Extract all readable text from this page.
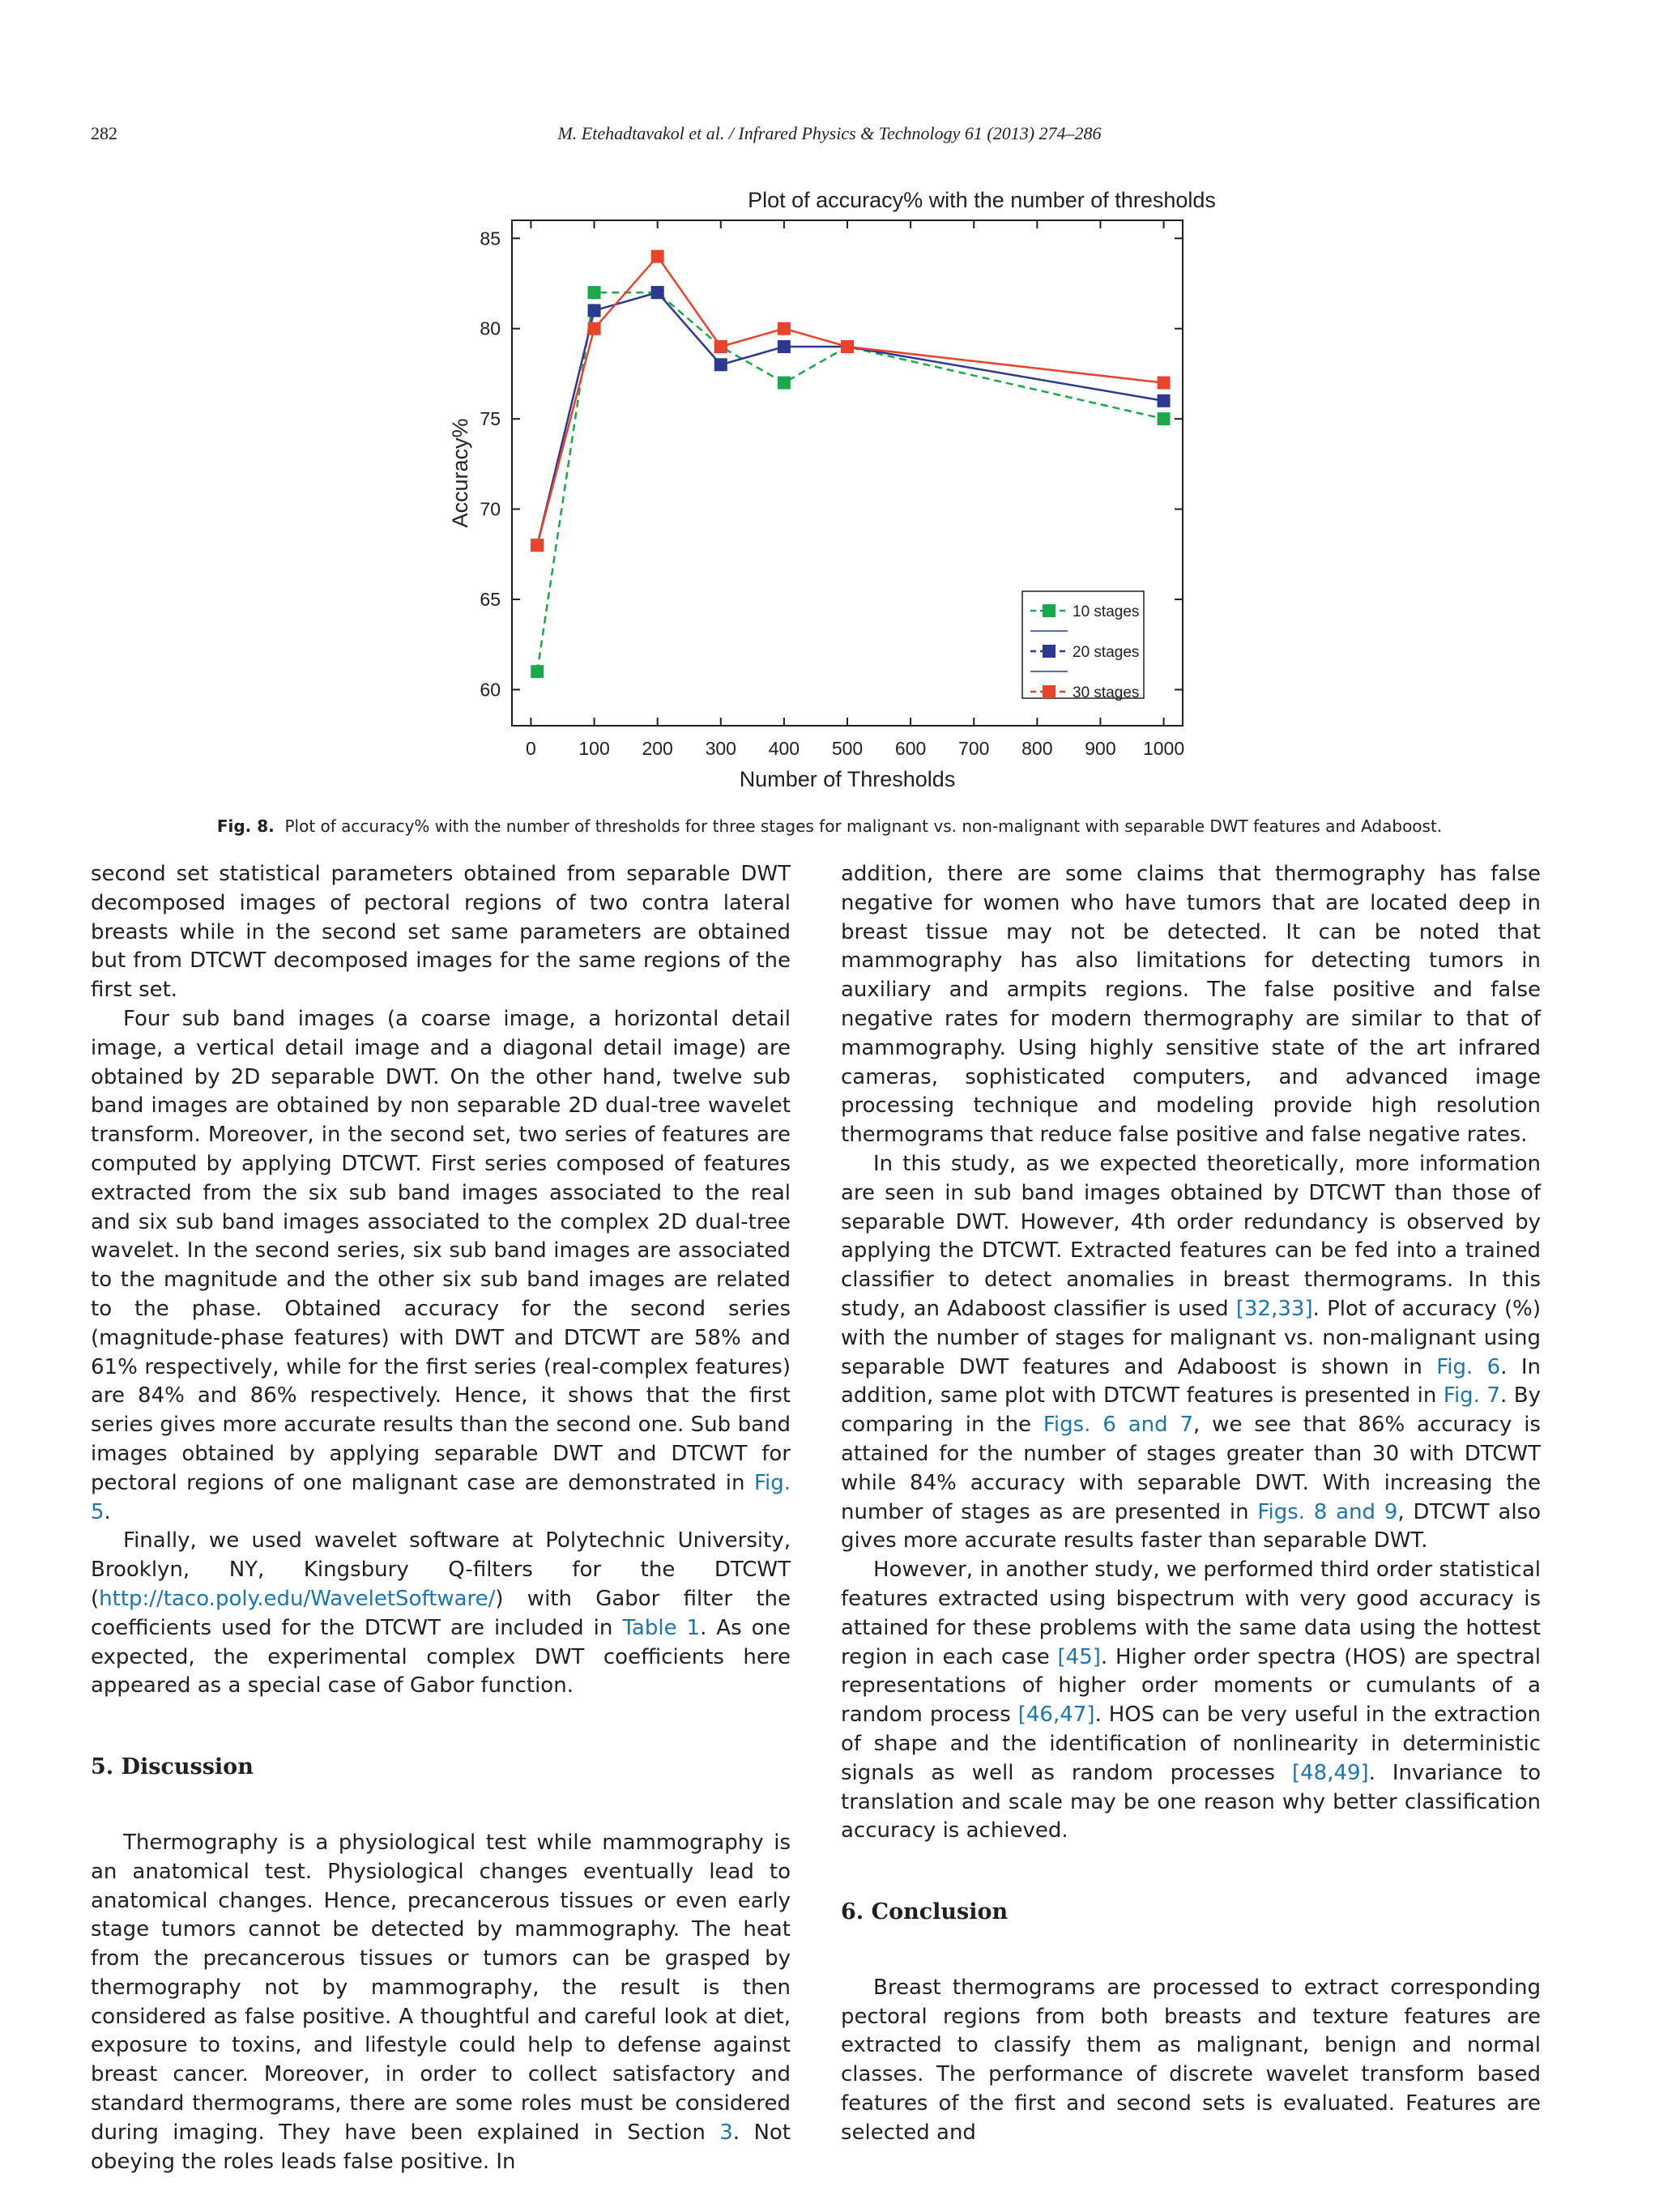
282	M. Etehadtavakol et al. / Infrared Physics & Technology 61 (2013) 274–286
Plot of accuracy% with the number of thresholds
0 100 200 300 400 500 600 700 800 900 1000
60
65
70
75
80
85
Number of Thresholds
Accuracy%
10 stages
20 stages
30 stages
Fig. 8. Plot of accuracy% with the number of thresholds for three stages for malignant vs. non-malignant with separable DWT features and Adaboost.

second set statistical parameters obtained from separable DWT decomposed images of pectoral regions of two contra lateral breasts while in the second set same parameters are obtained but from DTCWT decomposed images for the same regions of the first set.

Four sub band images (a coarse image, a horizontal detail image, a vertical detail image and a diagonal detail image) are obtained by 2D separable DWT. On the other hand, twelve sub band images are obtained by non separable 2D dual-tree wavelet transform. Moreover, in the second set, two series of features are computed by applying DTCWT. First series composed of features extracted from the six sub band images associated to the real and six sub band images associated to the complex 2D dual-tree wavelet. In the second series, six sub band images are associated to the magnitude and the other six sub band images are related to the phase. Obtained accuracy for the second series (magnitude-phase features) with DWT and DTCWT are 58% and 61% respectively, while for the first series (real-complex features) are 84% and 86% respectively. Hence, it shows that the first series gives more accurate results than the second one. Sub band images obtained by applying separable DWT and DTCWT for pectoral regions of one malignant case are demonstrated in Fig. 5.

Finally, we used wavelet software at Polytechnic University, Brooklyn, NY, Kingsbury Q-filters for the DTCWT (http://taco.poly.edu/WaveletSoftware/) with Gabor filter the coefficients used for the DTCWT are included in Table 1. As one expected, the experimental complex DWT coefficients here appeared as a special case of Gabor function.

5. Discussion

Thermography is a physiological test while mammography is an anatomical test. Physiological changes eventually lead to anatomical changes. Hence, precancerous tissues or even early stage tumors cannot be detected by mammography. The heat from the precancerous tissues or tumors can be grasped by thermography not by mammography, the result is then considered as false positive. A thoughtful and careful look at diet, exposure to toxins, and lifestyle could help to defense against breast cancer. Moreover, in order to collect satisfactory and standard thermograms, there are some roles must be considered during imaging. They have been explained in Section 3. Not obeying the roles leads false positive. In

addition, there are some claims that thermography has false negative for women who have tumors that are located deep in breast tissue may not be detected. It can be noted that mammography has also limitations for detecting tumors in auxiliary and armpits regions. The false positive and false negative rates for modern thermography are similar to that of mammography. Using highly sensitive state of the art infrared cameras, sophisticated computers, and advanced image processing technique and modeling provide high resolution thermograms that reduce false positive and false negative rates.

In this study, as we expected theoretically, more information are seen in sub band images obtained by DTCWT than those of separable DWT. However, 4th order redundancy is observed by applying the DTCWT. Extracted features can be fed into a trained classifier to detect anomalies in breast thermograms. In this study, an Adaboost classifier is used [32,33]. Plot of accuracy (%) with the number of stages for malignant vs. non-malignant using separable DWT features and Adaboost is shown in Fig. 6. In addition, same plot with DTCWT features is presented in Fig. 7. By comparing in the Figs. 6 and 7, we see that 86% accuracy is attained for the number of stages greater than 30 with DTCWT while 84% accuracy with separable DWT. With increasing the number of stages as are presented in Figs. 8 and 9, DTCWT also gives more accurate results faster than separable DWT.

However, in another study, we performed third order statistical features extracted using bispectrum with very good accuracy is attained for these problems with the same data using the hottest region in each case [45]. Higher order spectra (HOS) are spectral representations of higher order moments or cumulants of a random process [46,47]. HOS can be very useful in the extraction of shape and the identification of nonlinearity in deterministic signals as well as random processes [48,49]. Invariance to translation and scale may be one reason why better classification accuracy is achieved.

6. Conclusion

Breast thermograms are processed to extract corresponding pectoral regions from both breasts and texture features are extracted to classify them as malignant, benign and normal classes. The performance of discrete wavelet transform based features of the first and second sets is evaluated. Features are selected and
